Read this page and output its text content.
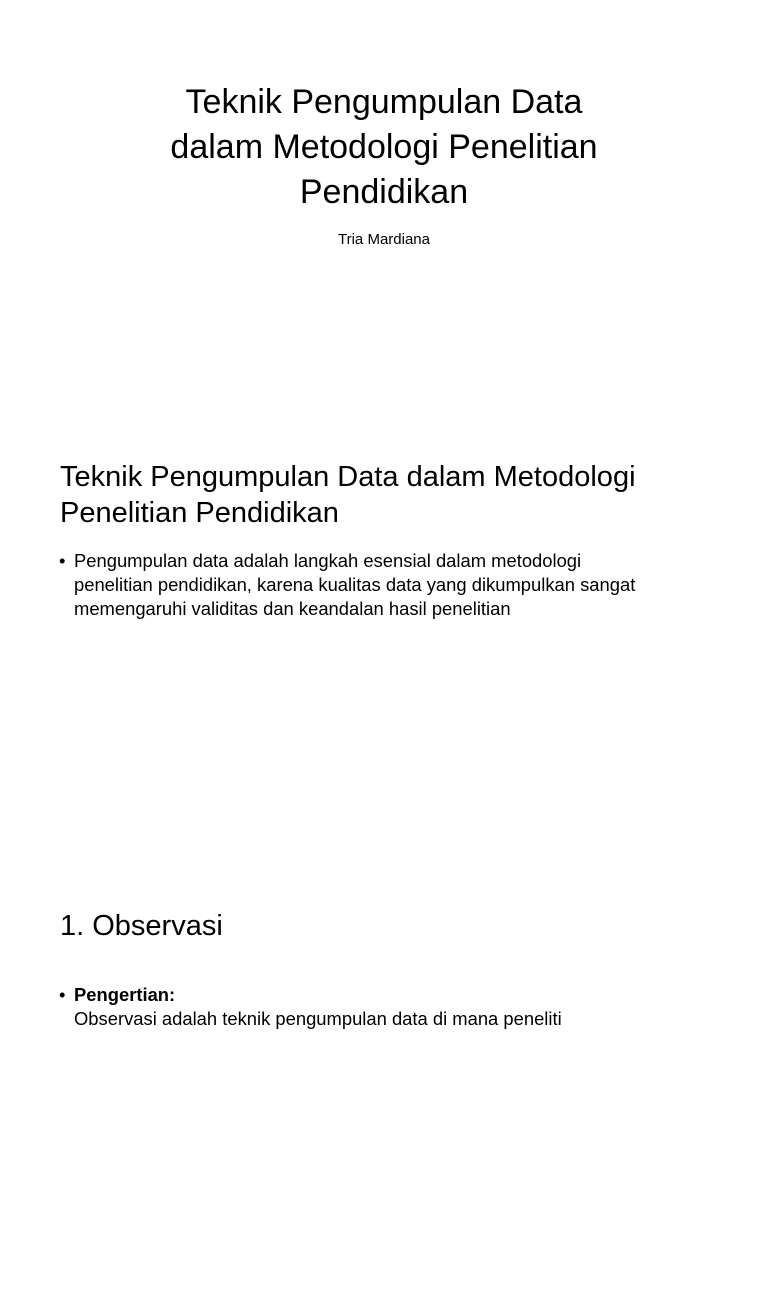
Teknik Pengumpulan Data
dalam Metodologi Penelitian
Pendidikan

Tria Mardiana

Teknik Pengumpulan Data dalam Metodologi
Penelitian Pendidikan
• Pengumpulan data adalah langkah esensial dalam metodologi
penelitian pendidikan, karena kualitas data yang dikumpulkan sangat
memengaruhi validitas dan keandalan hasil penelitian
1. Observasi
• Pengertian:
Observasi adalah teknik pengumpulan data di mana peneliti
